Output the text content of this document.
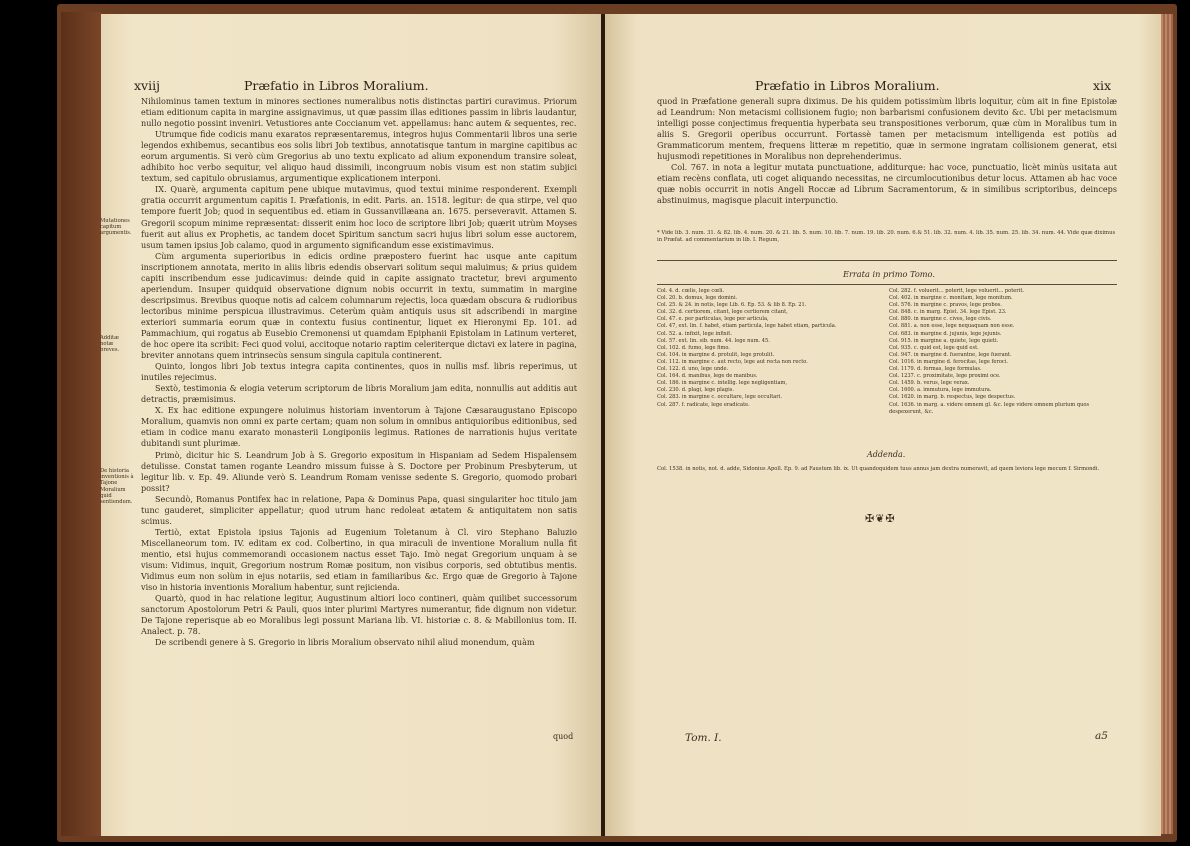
xviij	Præfatio in Libros Moralium.
Mutationes capitum argumentis.
Additæ notæ breves.
De historia inventionis à Tajone Moralium quid sentiendum.

Nihilominus tamen textum in minores sectiones numeralibus notis distinctas partiri curavimus. Priorum etiam editionum capita in margine assignavimus, ut quæ passim illas editiones passim in libris laudantur, nullo negotio possint inveniri. Vetustiores ante Coccianum vet. appellamus: hanc autem & sequentes, rec.

Utrumque fide codicis manu exaratos repræsentaremus, integros hujus Commentarii libros una serie legendos exhibemus, secantibus eos solis libri Job textibus, annotatisque tantum in margine capitibus ac eorum argumentis. Si verò cùm Gregorius ab uno textu explicato ad alium exponendum transire soleat, adhibito hoc verbo sequitur, vel aliquo haud dissimili, incongruum nobis visum est non statim subjici textum, sed capitulo obrusiamus, argumentique explicationem interponi.

IX. Quarè, argumenta capitum pene ubique mutavimus, quod textui minime responderent. Exempli gratia occurrit argumentum capitis I. Præfationis, in edit. Paris. an. 1518. legitur: de qua stirpe, vel quo tempore fuerit Job; quod in sequentibus ed. etiam in Gussanvillæana an. 1675. perseveravit. Attamen S. Gregorii scopum minime repræsentat: disserit enim hoc loco de scriptore libri Job; quærit utrùm Moyses fuerit aut alius ex Prophetis, ac tandem docet Spiritum sanctum sacri hujus libri solum esse auctorem, usum tamen ipsius Job calamo, quod in argumento significandum esse existimavimus.

Cùm argumenta superioribus in edicis ordine præpostero fuerint hac usque ante capitum inscriptionem annotata, merito in aliis libris edendis observari solitum sequi maluimus; & prius quidem capiti inscribendum esse judicavimus: deinde quid in capite assignato tractetur, brevi argumento aperiendum. Insuper quidquid observatione dignum nobis occurrit in textu, summatim in margine descripsimus. Brevibus quoque notis ad calcem columnarum rejectis, loca quædam obscura & rudioribus lectoribus minime perspicua illustravimus. Ceterùm quàm antiquis usus sit adscribendi in margine exteriori summaria eorum quæ in contextu fusius continentur, liquet ex Hieronymi Ep. 101. ad Pammachium, qui rogatus ab Eusebio Cremonensi ut quamdam Epiphanii Epistolam in Latinum verteret, de hoc opere ita scribit: Feci quod volui, accitoque notario raptim celeriterque dictavi ex latere in pagina, breviter annotans quem intrinsecùs sensum singula capitula continerent.

Quinto, longos libri Job textus integra capita continentes, quos in nullis msf. libris reperimus, ut inutiles rejecimus.

Sextò, testimonia & elogia veterum scriptorum de libris Moralium jam edita, nonnullis aut additis aut detractis, præmisimus.

X. Ex hac editione expungere noluimus historiam inventorum à Tajone Cæsaraugustano Episcopo Moralium, quamvis non omni ex parte certam; quam non solum in omnibus antiquioribus editionibus, sed etiam in codice manu exarato monasterii Longiponiis legimus. Rationes de narrationis hujus veritate dubitandi sunt plurimæ.

Primò, dicitur hic S. Leandrum Job à S. Gregorio expositum in Hispaniam ad Sedem Hispalensem detulisse. Constat tamen rogante Leandro missum fuisse à S. Doctore per Probinum Presbyterum, ut legitur lib. v. Ep. 49. Aliunde verò S. Leandrum Romam venisse sedente S. Gregorio, quomodo probari possit?

Secundò, Romanus Pontifex hac in relatione, Papa & Dominus Papa, quasi singulariter hoc titulo jam tunc gauderet, simpliciter appellatur; quod utrum hanc redoleat ætatem & antiquitatem non satis scimus.

Tertiò, extat Epistola ipsius Tajonis ad Eugenium Toletanum à Cl. viro Stephano Baluzio Miscellaneorum tom. IV. editam ex cod. Colbertino, in qua miraculi de inventione Moralium nulla fit mentio, etsi hujus commemorandi occasionem nactus esset Tajo. Imò negat Gregorium unquam à se visum: Vidimus, inquit, Gregorium nostrum Romæ positum, non visibus corporis, sed obtutibus mentis. Vidimus eum non solùm in ejus notariis, sed etiam in familiaribus &c. Ergo quæ de Gregorio à Tajone viso in historia inventionis Moralium habentur, sunt rejicienda.

Quartò, quod in hac relatione legitur, Augustinum altiori loco contineri, quàm quilibet successorum sanctorum Apostolorum Petri & Pauli, quos inter plurimi Martyres numerantur, fide dignum non videtur. De Tajone reperisque ab eo Moralibus legi possunt Mariana lib. VI. historiæ c. 8. & Mabillonius tom. II. Analect. p. 78.

De scribendi genere à S. Gregorio in libris Moralium observato nihil aliud monendum, quàm

quod
Præfatio in Libros Moralium.	xix

quod in Præfatione generali supra diximus. De his quidem potissimùm libris loquitur, cùm ait in fine Epistolæ ad Leandrum: Non metacismi collisionem fugio; non barbarismi confusionem devito &c. Ubi per metacismum intelligi posse conjectimus frequentia hyperbata seu transpositiones verborum, quæ cùm in Moralibus tum in aliis S. Gregorii operibus occurrunt. Fortassè tamen per metacismum intelligenda est potiùs ad Grammaticorum mentem, frequens litteræ m repetitio, quæ in sermone ingratam collisionem generat, etsi hujusmodi repetitiones in Moralibus non deprehenderimus.

Col. 767. in nota a legitur mutata punctuatione, additurque: hac voce, punctuatio, licèt minùs usitata aut etiam recèns conflata, uti coget aliquando necessitas, ne circumlocutionibus detur locus. Attamen ab hac voce quæ nobis occurrit in notis Angeli Roccæ ad Librum Sacramentorum, & in similibus scriptoribus, deinceps abstinuimus, magisque placuit interpunctio.

* Vide lib. 3. num. 31. & 82. lib. 4. num. 20. & 21. lib. 5. num. 10. lib. 7. num. 19. lib. 20. num. 6.& 51. lib. 32. num. 4. lib. 35. num. 25. lib. 34. num. 44. Vide quæ diximus in Præfat. ad commentarium in lib. I. Regum,
Errata in primo Tomo.
Col. 4. d. cœlis, lege cœli.
Col. 20. b. domus, lege domini.
Col. 25. & 24. in notis, lege Lib. 6. Ep. 53. & lib 8. Ep. 21.
Col. 32. d. certiorem, citant, lege certiorem citant,
Col. 47. e. per particulas, lege per articula,
Col. 47, ext. lin. f. habet, etiam particula, lege habet etiam, particula.
Col. 52. a. infixit, lege infixit.
Col. 57. ext. lin. sib. num. 44. lege num. 45.
Col. 102. d. fumo, lege fimo.
Col. 104. in margine d. protulit, lege protulit.
Col. 112. in margine c. aut recto, lege aut recta non recto.
Col. 122. d. uno, lege unde.
Col. 164. d. manibus, lege de manibus.
Col. 186. in margine c. intellig. lege negligentiam,
Col. 230. d. plagi, lege plagis.
Col. 283. in margine c. occultare, lege occultari.
Col. 287. f. radicate, lege eradicate.
Col. 282. f. voluerit... poterit, lege voluerit... poterit.
Col. 402. in margine c. monitam, lege monitum.
Col. 576. in margine c. pravos, lege probos.
Col. 848. c. in marg. Epist. 34. lege Epist. 23.
Col. 880. in margine c. cives, lege civis.
Col. 881. a. non esse, lege nequaquam non esse.
Col. 683. in margine d. jujunis, lege jejunis.
Col. 915. in margine a. quiete, lege quieti.
Col. 935. c. quid est, lege quid est.
Col. 947. in margine d. fuerantne, lege fuerant.
Col. 1016. in margine d. ferocitas, lege feroci.
Col. 1179. d. formas, lege formulas.
Col. 1237. c. proximitate, lege proximi oce.
Col. 1459. b. verus, lege verax.
Col. 1600. a. immutura, lege immutura.
Col. 1620. in marg. b. respectus, lege despectus.
Col. 1636. in marg. a. videre omnem gl. &c. lege videre omnem plurium quos despexerunt, &c.
Addenda.
Col. 1538. in notis, not. d. adde, Sidonius Apoll. Ep. 9. ad Faustum lib. ix. Ut quandoquidem tuus annus jam dextra numeravit, ad quem leviora lege mecum f. Sirmondi.
✠❦✠
Tom. I.	a5
